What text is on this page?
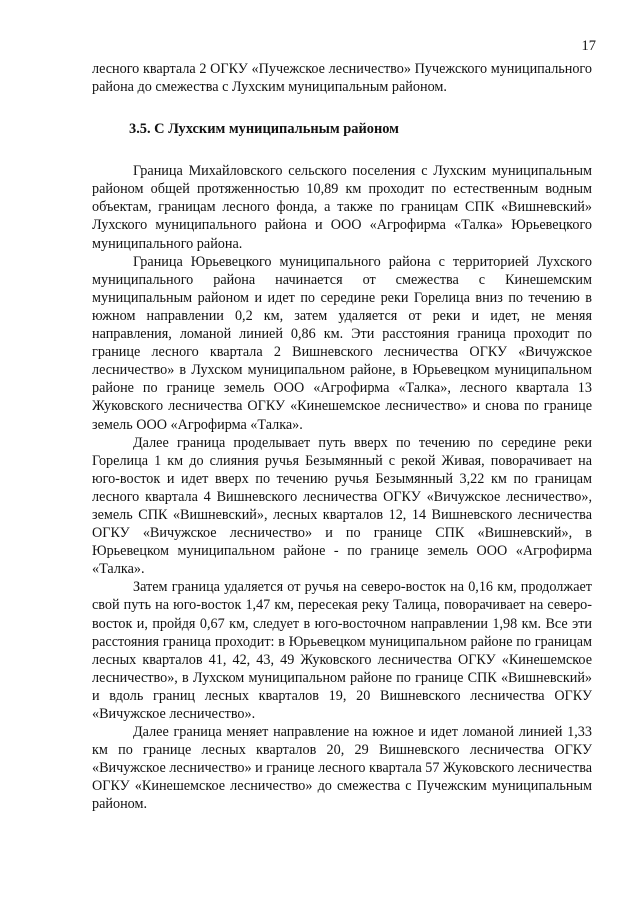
17

лесного квартала 2 ОГКУ «Пучежское лесничество» Пучежского муниципального района до смежества с Лухским муниципальным районом.

3.5. С Лухским муниципальным районом

Граница Михайловского сельского поселения с Лухским муниципальным районом общей протяженностью 10,89 км проходит по естественным водным объектам, границам лесного фонда, а также по границам СПК «Вишневский» Лухского муниципального района и ООО «Агрофирма «Талка» Юрьевецкого муниципального района.

Граница Юрьевецкого муниципального района с территорией Лухского муниципального района начинается от смежества с Кинешемским муниципальным районом и идет по середине реки Горелица вниз по течению в южном направлении 0,2 км, затем удаляется от реки и идет, не меняя направления, ломаной линией 0,86 км. Эти расстояния граница проходит по границе лесного квартала 2 Вишневского лесничества ОГКУ «Вичужское лесничество» в Лухском муниципальном районе, в Юрьевецком муниципальном районе по границе земель ООО «Агрофирма «Талка», лесного квартала 13 Жуковского лесничества ОГКУ «Кинешемское лесничество» и снова по границе земель ООО «Агрофирма «Талка».

Далее граница проделывает путь вверх по течению по середине реки Горелица 1 км до слияния ручья Безымянный с рекой Живая, поворачивает на юго-восток и идет вверх по течению ручья Безымянный 3,22 км по границам лесного квартала 4 Вишневского лесничества ОГКУ «Вичужское лесничество», земель СПК «Вишневский», лесных кварталов 12, 14 Вишневского лесничества ОГКУ «Вичужское лесничество» и по границе СПК «Вишневский», в Юрьевецком муниципальном районе - по границе земель ООО «Агрофирма «Талка».

Затем граница удаляется от ручья на северо-восток на 0,16 км, продолжает свой путь на юго-восток 1,47 км, пересекая реку Талица, поворачивает на северо-восток и, пройдя 0,67 км, следует в юго-восточном направлении 1,98 км. Все эти расстояния граница проходит: в Юрьевецком муниципальном районе по границам лесных кварталов 41, 42, 43, 49 Жуковского лесничества ОГКУ «Кинешемское лесничество», в Лухском муниципальном районе по границе СПК «Вишневский» и вдоль границ лесных кварталов 19, 20 Вишневского лесничества ОГКУ «Вичужское лесничество».

Далее граница меняет направление на южное и идет ломаной линией 1,33 км по границе лесных кварталов 20, 29 Вишневского лесничества ОГКУ «Вичужское лесничество» и границе лесного квартала 57 Жуковского лесничества ОГКУ «Кинешемское лесничество» до смежества с Пучежским муниципальным районом.
